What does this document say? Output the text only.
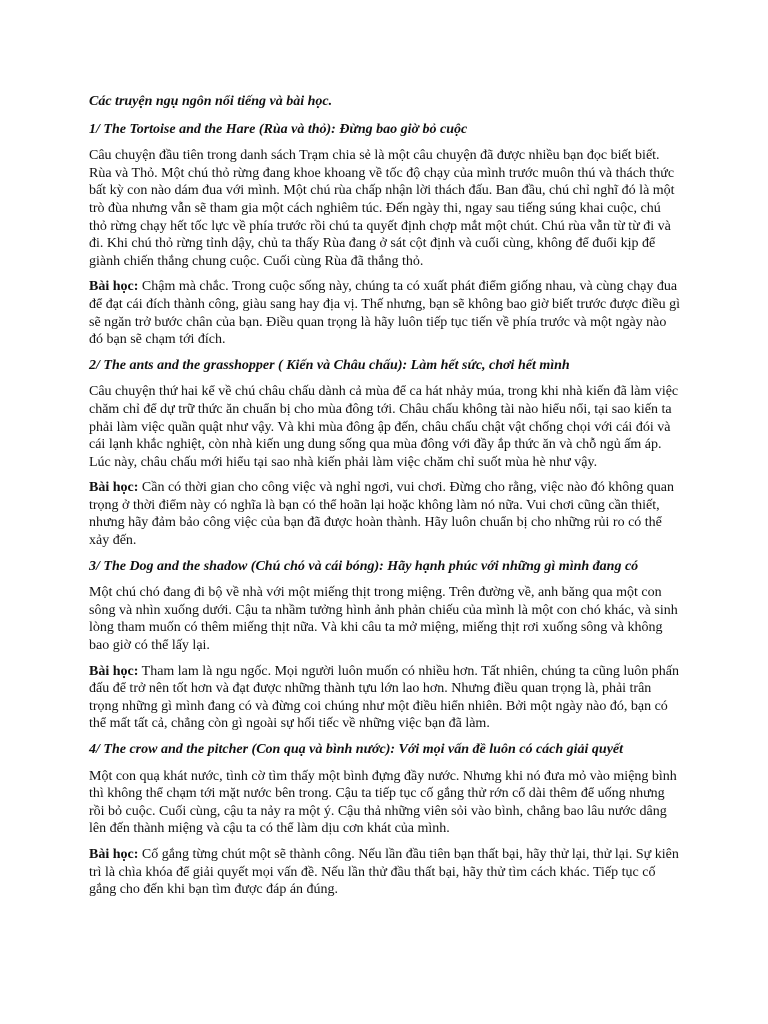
Các truyện ngụ ngôn nổi tiếng và bài học.

1/ The Tortoise and the Hare (Rùa và thỏ): Đừng bao giờ bỏ cuộc

Câu chuyện đầu tiên trong danh sách Trạm chia sẻ là một câu chuyện đã được nhiều bạn đọc biết biết. Rùa và Thỏ. Một chú thỏ rừng đang khoe khoang về tốc độ chạy của mình trước muôn thú và thách thức bất kỳ con nào dám đua với mình. Một chú rùa chấp nhận lời thách đấu. Ban đầu, chú chỉ nghĩ đó là một trò đùa nhưng vẫn sẽ tham gia một cách nghiêm túc. Đến ngày thi, ngay sau tiếng súng khai cuộc, chú thỏ rừng chạy hết tốc lực về phía trước rồi chú ta quyết định chợp mắt một chút. Chú rùa vẫn từ từ đi và đi. Khi chú thỏ rừng tỉnh dậy, chủ ta thấy Rùa đang ở sát cột định và cuối cùng, không để đuổi kịp để giành chiến thắng chung cuộc. Cuối cùng Rùa đã thắng thỏ.

Bài học: Chậm mà chắc. Trong cuộc sống này, chúng ta có xuất phát điểm giống nhau, và cùng chạy đua để đạt cái đích thành công, giàu sang hay địa vị. Thế nhưng, bạn sẽ không bao giờ biết trước được điều gì sẽ ngăn trở bước chân của bạn. Điều quan trọng là hãy luôn tiếp tục tiến về phía trước và một ngày nào đó bạn sẽ chạm tới đích.

2/ The ants and the grasshopper ( Kiến và Châu chấu): Làm hết sức, chơi hết mình

Câu chuyện thứ hai kể về chú châu chấu dành cả mùa để ca hát nhảy múa, trong khi nhà kiến đã làm việc chăm chỉ để dự trữ thức ăn chuẩn bị cho mùa đông tới. Châu chấu không tài nào hiểu nổi, tại sao kiến ta phải làm việc quần quật như vậy. Và khi mùa đông ập đến, châu chấu chật vật chống chọi với cái đói và cái lạnh khắc nghiệt, còn nhà kiến ung dung sống qua mùa đông với đầy ắp thức ăn và chỗ ngủ ấm áp. Lúc này, châu chấu mới hiểu tại sao nhà kiến phải làm việc chăm chỉ suốt mùa hè như vậy.

Bài học: Cần có thời gian cho công việc và nghỉ ngơi, vui chơi. Đừng cho rằng, việc nào đó không quan trọng ở thời điểm này có nghĩa là bạn có thể hoãn lại hoặc không làm nó nữa. Vui chơi cũng cần thiết, nhưng hãy đảm bảo công việc của bạn đã được hoàn thành. Hãy luôn chuẩn bị cho những rủi ro có thể xảy đến.

3/ The Dog and the shadow (Chú chó và cái bóng): Hãy hạnh phúc với những gì mình đang có

Một chú chó đang đi bộ về nhà với một miếng thịt trong miệng. Trên đường về, anh băng qua một con sông và nhìn xuống dưới. Cậu ta nhầm tưởng hình ảnh phản chiếu của mình là một con chó khác, và sinh lòng tham muốn có thêm miếng thịt nữa. Và khi câu ta mở miệng, miếng thịt rơi xuống sông và không bao giờ có thể lấy lại.

Bài học: Tham lam là ngu ngốc. Mọi người luôn muốn có nhiều hơn. Tất nhiên, chúng ta cũng luôn phấn đấu để trở nên tốt hơn và đạt được những thành tựu lớn lao hơn. Nhưng điều quan trọng là, phải trân trọng những gì mình đang có và đừng coi chúng như một điều hiển nhiên. Bởi một ngày nào đó, bạn có thể mất tất cả, chẳng còn gì ngoài sự hối tiếc về những việc bạn đã làm.

4/ The crow and the pitcher (Con quạ và bình nước): Với mọi vấn đề luôn có cách giải quyết

Một con quạ khát nước, tình cờ tìm thấy một bình đựng đầy nước. Nhưng khi nó đưa mỏ vào miệng bình thì không thể chạm tới mặt nước bên trong. Cậu ta tiếp tục cố gắng thử rớn cổ dài thêm để uống nhưng rồi bỏ cuộc. Cuối cùng, cậu ta nảy ra một ý. Cậu thả những viên sỏi vào bình, chẳng bao lâu nước dâng lên đến thành miệng và cậu ta có thể làm dịu cơn khát của mình.

Bài học: Cố gắng từng chút một sẽ thành công. Nếu lần đầu tiên bạn thất bại, hãy thử lại, thử lại. Sự kiên trì là chìa khóa để giải quyết mọi vấn đề. Nếu lần thử đầu thất bại, hãy thử tìm cách khác. Tiếp tục cố gắng cho đến khi bạn tìm được đáp án đúng.
